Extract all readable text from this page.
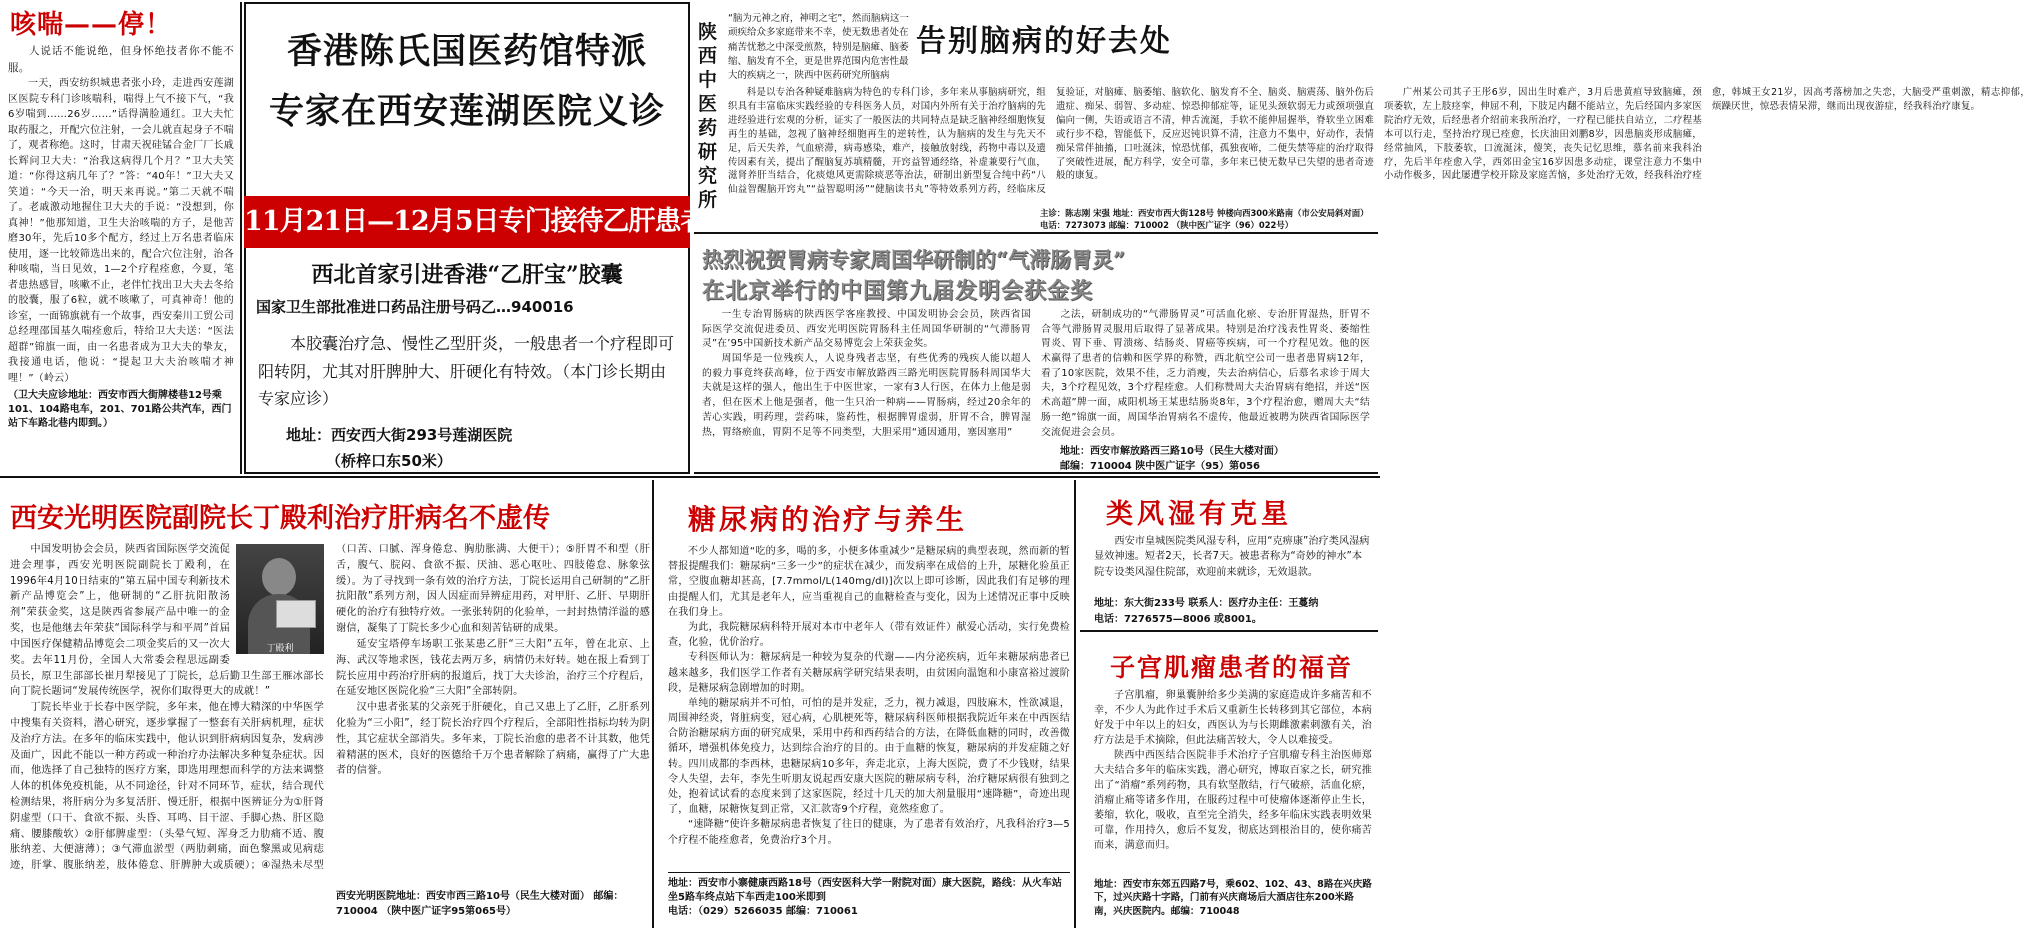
咳喘——停！

人说话不能说绝，但身怀绝技者你不能不服。

一天，西安纺织城患者张小玲，走进西安莲湖区医院专科门诊咳喘科，喘得上气不接下气，“我6岁喘到……26岁……”话得满脸通红。卫大夫忙取药服之，开配穴位注射，一会儿就直起身子不喘了，观者称绝。这时，甘肃天祝硅锰合金厂厂长戚长辉问卫大夫：“治我这病得几个月？”卫大夫笑道：“你得这病几年了？”答：“40年！”卫大夫又笑道：“今天一治，明天来再说。”第二天就不喘了。老戚激动地握住卫大夫的手说：“没想到，你真神！”他那知道，卫生夫治咳喘的方子，是他苦磨30年，先后10多个配方，经过上万名患者临床使用，逐一比较筛选出来的，配合穴位注射，治各种咳喘，当日见效，1—2个疗程痊愈，今夏，笔者患热感冒，咳嗽不止，老伴忙找出卫大夫去冬给的胶囊，服了6粒，就不咳嗽了，可真神奇！他的诊室，一面锦旗就有一个故事，西安秦川工贸公司总经理邵国基久喘痊愈后，特给卫大夫送：“医法超群”锦旗一面，由一名患者成为卫大夫的挚友，我接通电话，他说：“提起卫大夫治咳喘才神哩！”（岭云）

（卫大夫应诊地址：西安市西大街牌楼巷12号乘101、104路电车，201、701路公共汽车，西门站下车路北巷内即到。）
香港陈氏国医药馆特派
专家在西安莲湖医院义诊
11月21日—12月5日专门接待乙肝患者
西北首家引进香港“乙肝宝”胶囊
国家卫生部批准进口药品注册号码乙…940016
本胶囊治疗急、慢性乙型肝炎，一般患者一个疗程即可阳转阴，尤其对肝脾肿大、肝硬化有特效。（本门诊长期由专家应诊）
地址：西安西大街293号莲湖医院
（桥梓口东50米）
陕西中医药研究所
“脑为元神之府，神明之宅”，然而脑病这一顽疾给众多家庭带来不幸，使无数患者处在痛苦忧愁之中深受煎熬，特别是脑瘫、脑萎缩、脑发育不全，更是世界范围内危害性最大的疾病之一，陕西中医药研究所脑病
告别脑病的好去处

科是以专治各种疑难脑病为特色的专科门诊，多年来从事脑病研究，组织具有丰富临床实践经验的专科医务人员，对国内外所有关于治疗脑病的先进经验进行宏观的分析，证实了一般医法的共同特点是缺乏脑神经细胞恢复再生的基础，忽视了脑神经细胞再生的逆转性，认为脑病的发生与先天不足，后天失养，气血瘀滞，病毒感染，难产，接触放射线，药物中毒以及遗传因素有关，提出了醒脑复苏填精髓，开窍益智通经络，补虚兼要行气血，滋肾养肝当结合，化痰熄风更需除痰恶等治法，研制出新型复合纯中药“八仙益智醒脑开窍丸”“益智聪明汤”“健脑读书丸”等特效系列方药，经临床反复验证，对脑瘫、脑萎缩、脑软化、脑发育不全、脑炎、脑震荡、脑外伤后遗症、痴呆、弱智、多动症、惊恐抑郁症等，证见头颈软弱无力或颈项强直偏向一侧，失语或语言不清，伸舌流涎，手软不能伸屈握举，脊软坐立困难或行步不稳，智能低下，反应迟钝识算不清，注意力不集中，好动作，表情痴呆常伴抽搐，口吐涎沫，惊恐忧郁，孤独夜啼，二便失禁等症的治疗取得了突破性进展，配方科学，安全可靠，多年来已使无数早已失望的患者奇迹般的康复。

广州某公司其子王彤6岁，因出生时难产，3月后患黄疸导致脑瘫，颈项萎软，左上肢痉挛，伸屈不利，下肢足内翻不能站立，先后经国内多家医院治疗无效，后经患者介绍前来我所治疗，一疗程已能扶自站立，二疗程基本可以行走，坚持治疗现已痊愈，长庆油田刘鹏8岁，因患脑炎形成脑瘫，经常抽风，下肢萎软，口流涎沫，傻笑，丧失记忆思维，慕名前来我科治疗，先后半年痊愈入学，西郊田金宝16岁因患多动症，课堂注意力不集中小动作极多，因此屡遭学校开除及家庭苦恼，多处治疗无效，经我科治疗痊愈，韩城王女21岁，因高考落榜加之失恋，大脑受严重刺激，精志抑郁，烦躁厌世，惊恐表情呆滞，继而出现夜游症，经我科治疗康复。

主诊：陈志刚 宋强 地址：西安市西大街128号 钟楼向西300米路南（市公安局斜对面）
电话：7273073 邮编：710002 （陕中医广证字（96）022号）
热烈祝贺胃病专家周国华研制的“气滞肠胃灵”
在北京举行的中国第九届发明会获金奖

一生专治胃肠病的陕西医学客座教授、中国发明协会会员，陕西省国际医学交流促进委员、西安光明医院胃肠科主任周国华研制的“气滞肠胃灵”在’95中国新技术新产品交易博览会上荣获金奖。

周国华是一位残疾人，人说身残者志坚，有些优秀的残疾人能以超人的毅力事竟终获高峰，位于西安市解放路西三路光明医院胃肠科周国华大夫就是这样的强人，他出生于中医世家，一家有3人行医，在体力上他是弱者，但在医术上他是强者，他一生只治一种病——胃肠病，经过20余年的苦心实践，明药理，尝药味，鉴药性，根据脾胃虚弱，肝胃不合，脾胃湿热，胃络瘀血，胃阴不足等不同类型，大胆采用“通因通用，塞因塞用”

之法，研制成功的“气滞肠胃灵”可活血化瘀、专治肝胃湿热，肝胃不合等气滞肠胃灵服用后取得了显著成果。特别是治疗浅表性胃炎、萎缩性胃炎、胃下垂、胃溃疡、结肠炎、胃癌等疾病，可一个疗程见效。他的医术赢得了患者的信赖和医学界的称赞，西北航空公司一患者患胃病12年，看了10家医院，效果不佳，乏力消瘦，失去治病信心，后慕名求诊于周大夫，3个疗程见效，3个疗程痊愈。人们称赞周大夫治胃病有绝招，并送“医术高超”牌一面，咸阳机场王某患结肠炎8年，3个疗程治愈，赠周大夫“结肠一绝”锦旗一面，周国华治胃病名不虚传，他最近被聘为陕西省国际医学交流促进会会员。

地址：西安市解放路西三路10号（民生大楼对面）
邮编：710004 陕中医广证字（95）第056
西安光明医院副院长丁殿利治疗肝病名不虚传
丁殿利

中国发明协会会员，陕西省国际医学交流促进会理事，西安光明医院副院长丁殿利，在1996年4月10日结束的“第五届中国专利新技术新产品博览会”上，他研制的“乙肝抗阳散汤剂”荣获金奖，这是陕西省参展产品中唯一的金奖，也是他继去年荣获“国际科学与和平周”首届中国医疗保健精品博览会二项金奖后的又一次大奖。去年11月份，全国人大常委会程思远副委员长，原卫生部部长崔月犁接见了丁院长，总后勤卫生部王雁冰部长向丁院长题词“发展传统医学，祝你们取得更大的成就！”

丁院长毕业于长春中医学院，多年来，他在博大精深的中华医学中搜集有关资料，潜心研究，逐步掌握了一整套有关肝病机理，症状及治疗方法。在多年的临床实践中，他认识到肝病病因复杂，发病涉及面广，因此不能以一种方药或一种治疗办法解决多种复杂症状。因而，他选择了自己独特的医疗方案，即选用理想而科学的方法来调整人体的机体免疫机能，从不同途径，针对不同环节，症状，结合现代检测结果，将肝病分为多复活肝、慢迁肝，根据中医辨证分为①肝肾阴虚型（口干、食欲不振、头昏、耳鸣、目干涩、手脚心热、肝区隐痛、腰膝酸软）②肝郁脾虚型：（头晕气短、浑身乏力肋痛不适、腹胀纳差、大便溏薄）；③气滞血淤型（两肋刺痛，面色黎黑或见病痣迹，肝掌、腹胀纳差，肢体倦怠、肝脾肿大或质硬）；④湿热未尽型（口苦、口腻、浑身倦怠、胸肋胀满、大便干）；⑤肝胃不和型（肝舌，腹气、脘闷、食欲不振、厌油、恶心呕吐、四肢倦怠、脉象弦缓）。为了寻找到一条有效的治疗方法，丁院长运用自己研制的“乙肝抗阳散”系列方剂，因人因症而异辨症用药，对甲肝、乙肝、早期肝硬化的治疗有独特疗效。一张张转阴的化验单，一封封热情洋溢的感谢信，凝集了丁院长多少心血和刻苦钻研的成果。

延安宝塔停车场职工张某患乙肝“三大阳”五年，曾在北京、上海、武汉等地求医，钱花去两万多，病情仍未好转。她在报上看到丁院长应用中药治疗肝病的报道后，找丁大夫诊治，治疗三个疗程后，在延安地区医院化验“三大阳”全部转阴。

汉中患者张某的父亲死于肝硬化，自己又患上了乙肝，乙肝系列化验为“三小阳”，经丁院长治疗四个疗程后，全部阳性指标均转为阴性，其它症状全部消失。多年来，丁院长治愈的患者不计其数，他凭着精湛的医术，良好的医德给千万个患者解除了病痛，赢得了广大患者的信誉。

西安光明医院地址：西安市西三路10号（民生大楼对面） 邮编：710004 （陕中医广证字95第065号）
糖尿病的治疗与养生

不少人都知道“吃的多，喝的多，小便多体重减少”是糖尿病的典型表现，然而新的暂替报提醒我们：糖尿病“三多一少”的症状在减少，而发病率在成倍的上升，尿糖化验虽正常，空腹血糖却甚高，[7.7mmol/L(140mg/dl)]次以上即可诊断，因此我们有足够的理由提醒人们，尤其是老年人，应当重视自己的血糖检查与变化，因为上述情况正事中反映在我们身上。

为此，我院糖尿病科特开展对本市中老年人（带有效证件）献爱心活动，实行免费检查，化验，优价治疗。

专科医师认为：糖尿病是一种较为复杂的代谢——内分泌疾病，近年来糖尿病患者已越来越多，我们医学工作者有关糖尿病学研究结果表明，由贫困向温饱和小康富裕过渡阶段，是糖尿病急剧增加的时期。

单纯的糖尿病并不可怕，可怕的是并发症，乏力，视力减退，四肢麻木，性欲减退，周围神经炎，肾脏病变，冠心病，心肌梗死等，糖尿病科医师根据我院近年来在中西医结合防治糖尿病方面的研究成果，采用中药和西药结合的方法，在降低血糖的同时，改善微循环，增强机体免疫力，达到综合治疗的目的。由于血糖的恢复，糖尿病的并发症随之好转。四川成都的李西林，患糖尿病10多年，奔走北京，上海大医院，费了不少钱财，结果令人失望，去年，李先生听朋友说起西安康大医院的糖尿病专科，治疗糖尿病很有独到之处，抱着试试看的态度来到了这家医院，经过十几天的加大剂量服用“速降糖”，奇迹出现了，血糖，尿糖恢复到正常，又汇款寄9个疗程，竟然痊愈了。

“速降糖”使许多糖尿病患者恢复了往日的健康，为了患者有效治疗，凡我科治疗3—5个疗程不能痊愈者，免费治疗3个月。

地址：西安市小寨健康西路18号（西安医科大学一附院对面）康大医院，路线：从火车站坐5路车终点站下车西走100米即到
电话：（029）5266035 邮编：710061
类风湿有克星
西安市皇城医院类风湿专科，应用“克痹康”治疗类风湿病显效神速。短者2天，长者7天。被患者称为“奇妙的神水”本院专设类风湿住院部，欢迎前来就诊，无效退款。
地址：东大街233号 联系人：医疗办主任：王蔓纳
电话：7276575—8006 或8001。
子宫肌瘤患者的福音

子宫肌瘤，卵巢囊肿给多少美满的家庭造成许多痛苦和不幸，不少人为此作过手术后又重新生长转移到其它部位，本病好发于中年以上的妇女，西医认为与长期雌激素刺激有关，治疗方法是手术摘除，但此法痛苦较大，令人以难接受。

陕西中西医结合医院非手术治疗子宫肌瘤专科主治医师郑大夫结合多年的临床实践，潜心研究，博取百家之长，研究推出了“消瘤”系列药物，具有软坚散结，行气破瘀，活血化瘀，消瘤止痛等诸多作用，在服药过程中可使瘤体逐渐停止生长，萎缩，软化，吸收，直至完全消失，经多年临床实践表明效果可靠，作用持久，愈后不复发，彻底达到根治目的，使你痛苦而来，满意而归。

地址：西安市东郊五四路7号，乘602、102、43、8路在兴庆路下，过兴庆路十字路，门前有兴庆商场后大酒店往东200米路南，兴庆医院内。邮编：710048
